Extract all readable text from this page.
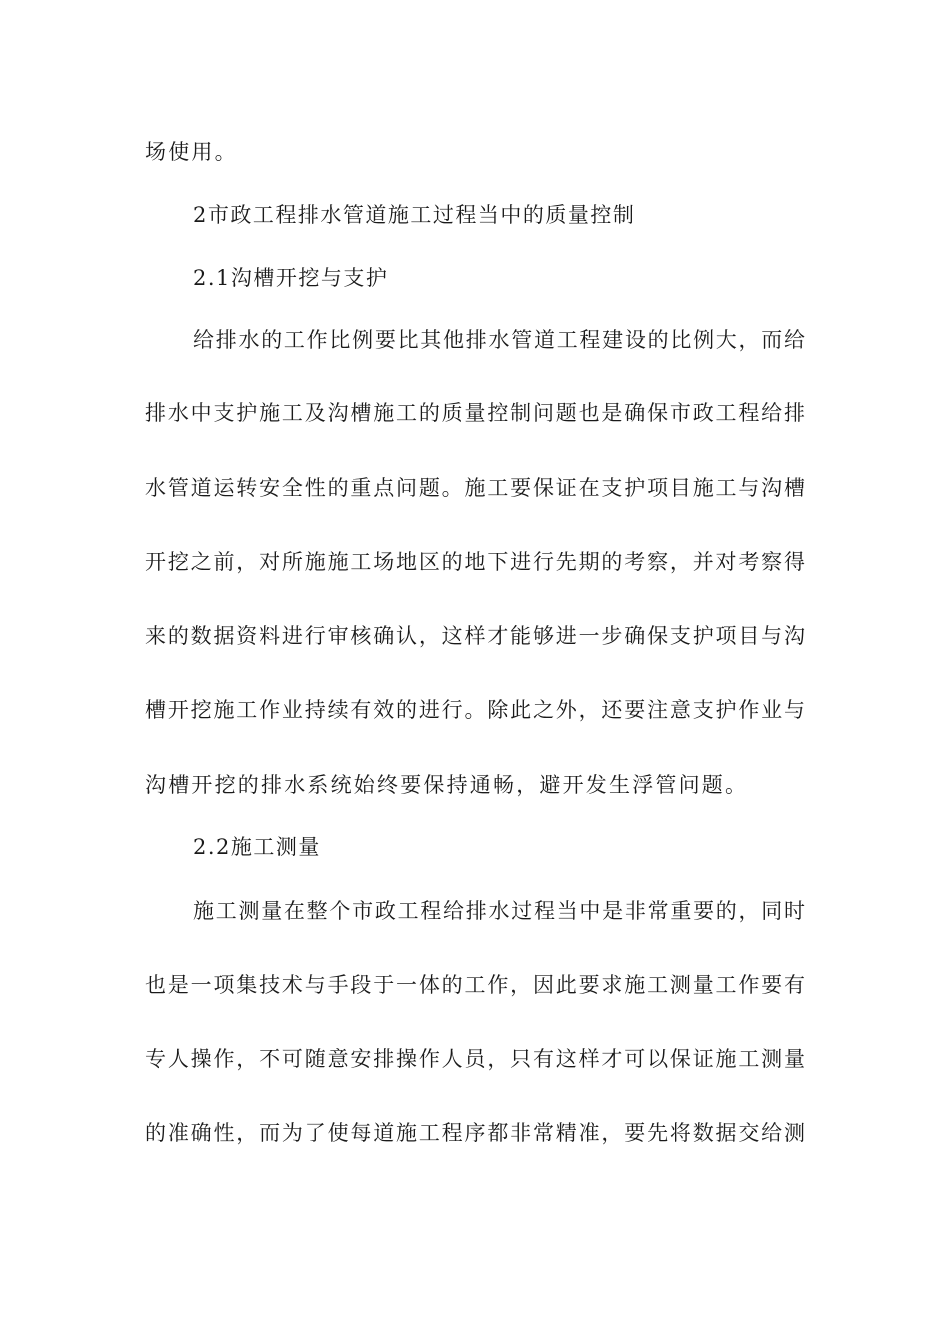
场使用。
2市政工程排水管道施工过程当中的质量控制
2.1沟槽开挖与支护
给排水的工作比例要比其他排水管道工程建设的比例大，而给
排水中支护施工及沟槽施工的质量控制问题也是确保市政工程给排
水管道运转安全性的重点问题。施工要保证在支护项目施工与沟槽
开挖之前，对所施施工场地区的地下进行先期的考察，并对考察得
来的数据资料进行审核确认，这样才能够进一步确保支护项目与沟
槽开挖施工作业持续有效的进行。除此之外，还要注意支护作业与
沟槽开挖的排水系统始终要保持通畅，避开发生浮管问题。
2.2施工测量
施工测量在整个市政工程给排水过程当中是非常重要的，同时
也是一项集技术与手段于一体的工作，因此要求施工测量工作要有
专人操作，不可随意安排操作人员，只有这样才可以保证施工测量
的准确性，而为了使每道施工程序都非常精准，要先将数据交给测
